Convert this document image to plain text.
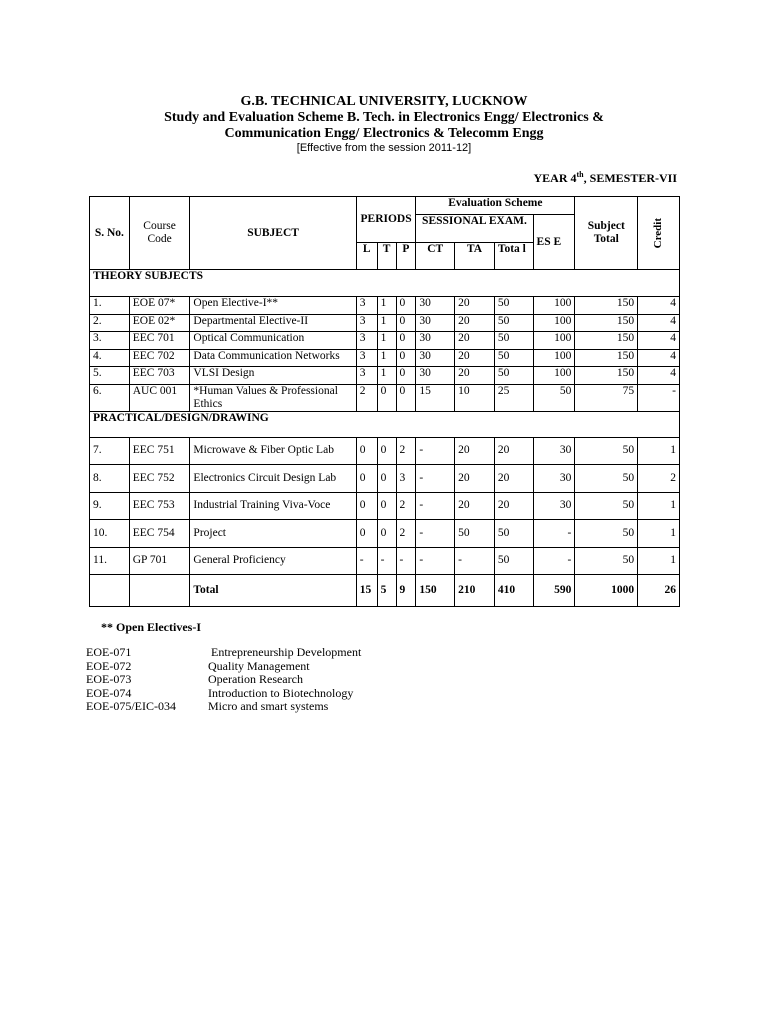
G.B. TECHNICAL UNIVERSITY, LUCKNOW
Study and Evaluation Scheme B. Tech. in Electronics Engg/ Electronics &
Communication Engg/ Electronics & Telecomm Engg
[Effective from the session 2011-12]
YEAR 4th, SEMESTER-VII
S. No.	Course Code	SUBJECT	PERIODS			Evaluation Scheme				Subject Total	Credit

						SESSIONAL EXAM.			ES E		
			L	T	P	CT	TA	Tota l			
THEORY SUBJECTS											
1.	EOE 07*	Open Elective-I**	3	1	0	30	20	50	100	150	4
2.	EOE 02*	Departmental Elective-II	3	1	0	30	20	50	100	150	4
3.	EEC 701	Optical Communication	3	1	0	30	20	50	100	150	4
4.	EEC 702	Data Communication Networks	3	1	0	30	20	50	100	150	4
5.	EEC 703	VLSI Design	3	1	0	30	20	50	100	150	4
6.	AUC 001	*Human Values & Professional Ethics	2	0	0	15	10	25	50	75	-
PRACTICAL/DESIGN/DRAWING											
7.	EEC 751	Microwave & Fiber Optic Lab	0	0	2	-	20	20	30	50	1
8.	EEC 752	Electronics Circuit Design Lab	0	0	3	-	20	20	30	50	2
9.	EEC 753	Industrial Training Viva-Voce	0	0	2	-	20	20	30	50	1
10.	EEC 754	Project	0	0	2	-	50	50	-	50	1
11.	GP 701	General Proficiency	-	-	-	-	-	50	-	50	1
		Total	15	5	9	150	210	410	590	1000	26
** Open Electives-I
EOE-071	Entrepreneurship Development
EOE-072	Quality Management
EOE-073	Operation Research
EOE-074	Introduction to Biotechnology
EOE-075/EIC-034	Micro and smart systems
